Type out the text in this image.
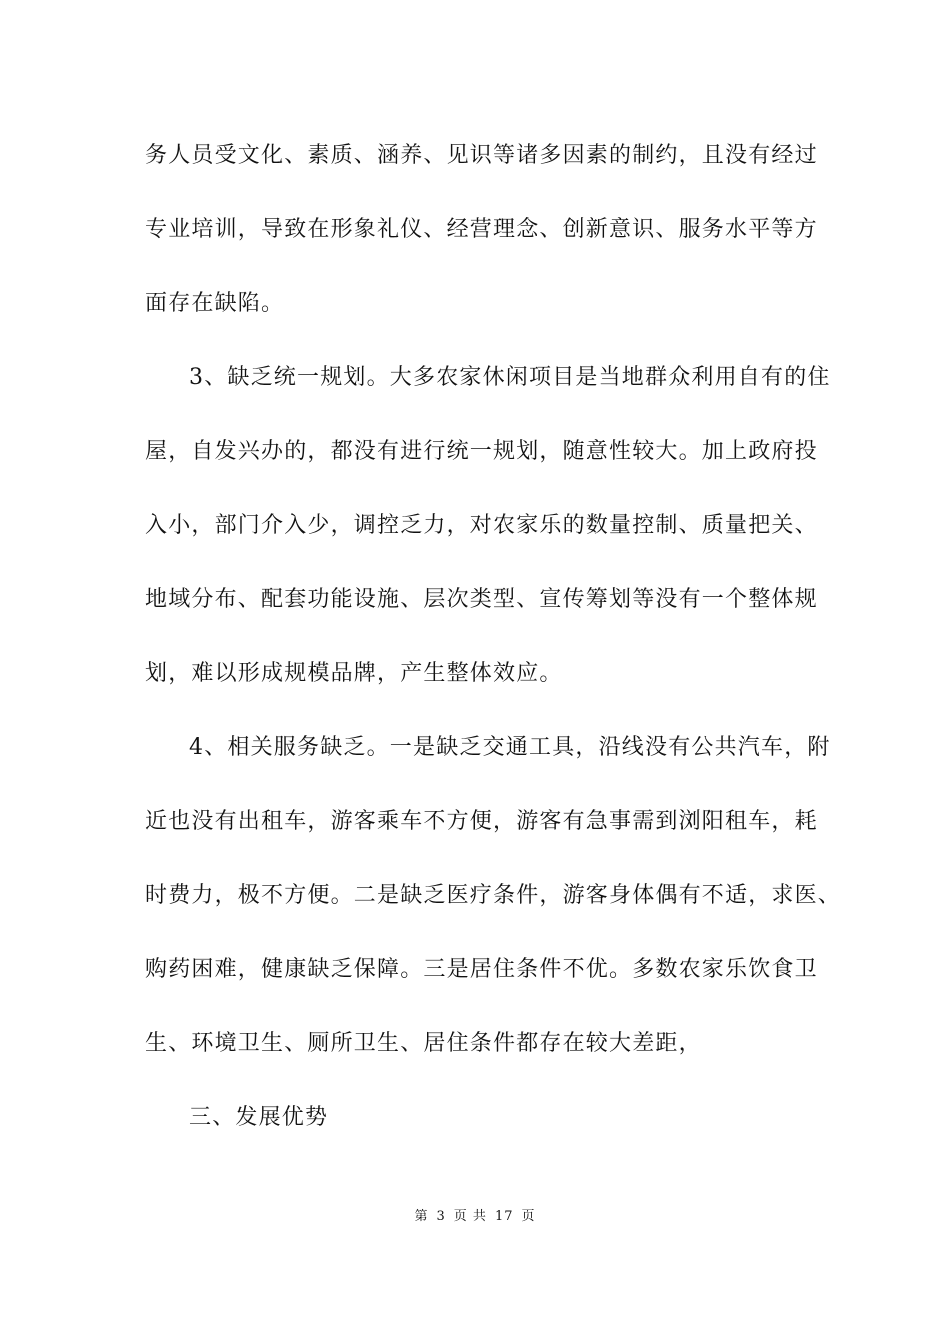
务人员受文化、素质、涵养、见识等诸多因素的制约，且没有经过
专业培训，导致在形象礼仪、经营理念、创新意识、服务水平等方
面存在缺陷。
3、缺乏统一规划。大多农家休闲项目是当地群众利用自有的住
屋，自发兴办的，都没有进行统一规划，随意性较大。加上政府投
入小，部门介入少，调控乏力，对农家乐的数量控制、质量把关、
地域分布、配套功能设施、层次类型、宣传筹划等没有一个整体规
划，难以形成规模品牌，产生整体效应。
4、相关服务缺乏。一是缺乏交通工具，沿线没有公共汽车，附
近也没有出租车，游客乘车不方便，游客有急事需到浏阳租车，耗
时费力，极不方便。二是缺乏医疗条件，游客身体偶有不适，求医、
购药困难，健康缺乏保障。三是居住条件不优。多数农家乐饮食卫
生、环境卫生、厕所卫生、居住条件都存在较大差距，
三、发展优势
第 3 页 共 17 页
